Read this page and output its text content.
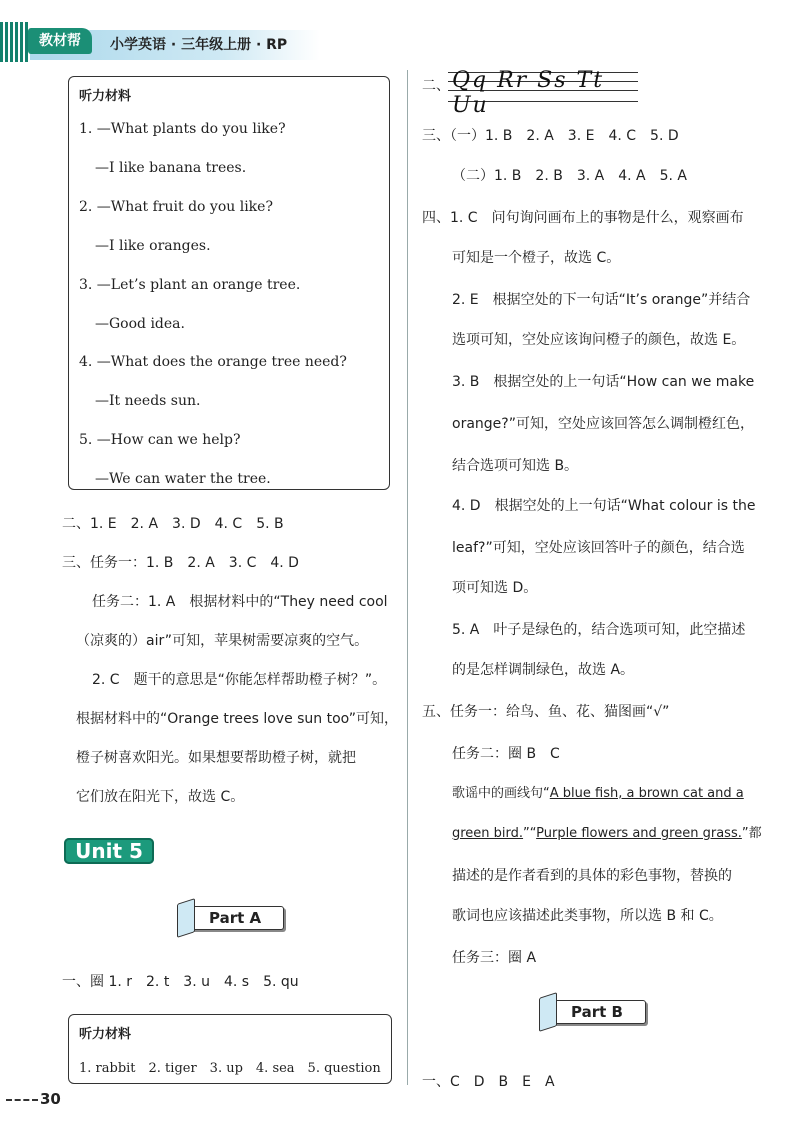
教材帮	小学英语 · 三年级上册 · RP
听力材料
1. —What plants do you like?
—I like banana trees.
2. —What fruit do you like?
—I like oranges.
3. —Let’s plant an orange tree.
—Good idea.
4. —What does the orange tree need?
—It needs sun.
5. —How can we help?
—We can water the tree.
二、1. E　2. A　3. D　4. C　5. B
三、任务一：1. B　2. A　3. C　4. D
任务二：1. A　根据材料中的“They need cool
（凉爽的）air”可知，苹果树需要凉爽的空气。
2. C　题干的意思是“你能怎样帮助橙子树？”。
根据材料中的“Orange trees love sun too”可知，
橙子树喜欢阳光。如果想要帮助橙子树，就把
它们放在阳光下，故选 C。
Unit 5
Part A
一、圈 1. r　2. t　3. u　4. s　5. qu
听力材料
1. rabbit　2. tiger　3. up　4. sea　5. question
30
二、 Qq Rr Ss Tt Uu
三、（一）1. B　2. A　3. E　4. C　5. D
（二）1. B　2. B　3. A　4. A　5. A
四、1. C　问句询问画布上的事物是什么，观察画布
可知是一个橙子，故选 C。
2. E　根据空处的下一句话“It’s orange”并结合
选项可知，空处应该询问橙子的颜色，故选 E。
3. B　根据空处的上一句话“How can we make
orange?”可知，空处应该回答怎么调制橙红色，
结合选项可知选 B。
4. D　根据空处的上一句话“What colour is the
leaf?”可知，空处应该回答叶子的颜色，结合选
项可知选 D。
5. A　叶子是绿色的，结合选项可知，此空描述
的是怎样调制绿色，故选 A。
五、任务一：给鸟、鱼、花、猫图画“√”
任务二：圈 B　C
歌谣中的画线句“A blue fish, a brown cat and a
green bird.”“Purple flowers and green grass.”都
描述的是作者看到的具体的彩色事物，替换的
歌词也应该描述此类事物，所以选 B 和 C。
任务三：圈 A
Part B
一、C　D　B　E　A
